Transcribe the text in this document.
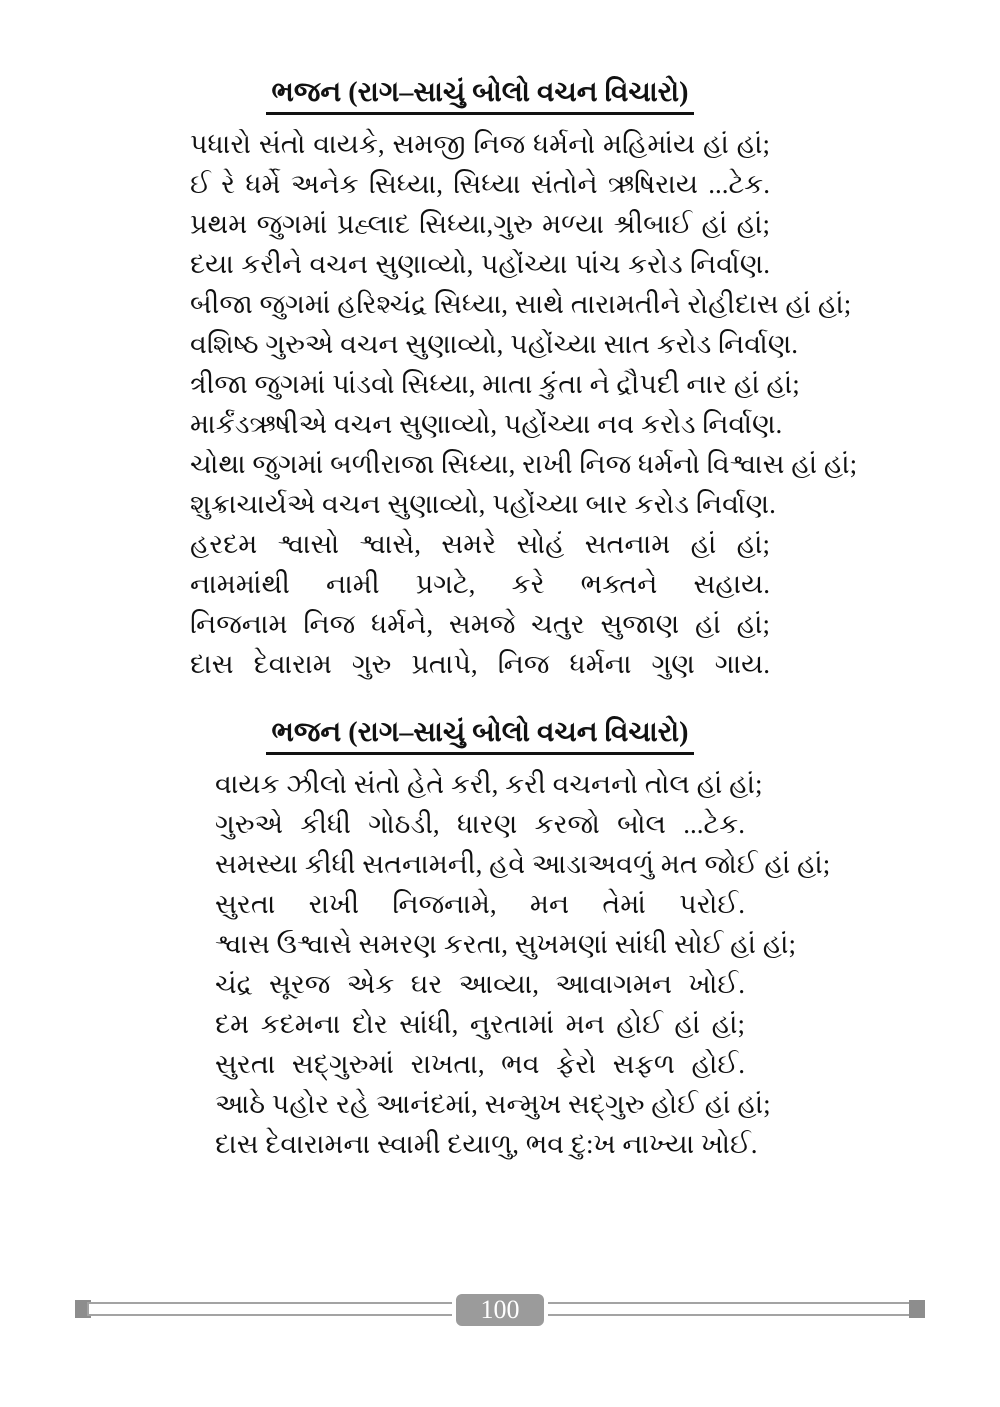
ભજન (રાગ–સાચું બોલો વચન વિચારો)
પધારો સંતો વાયકે, સમજી નિજ ધર્મનો મહિમાંય હાં હાં;
ઈ રે ધર્મે અનેક સિધ્યા, સિધ્યા સંતોને ઋષિરાય ...ટેક.
પ્રથમ જુગમાં પ્રહ્લાદ સિધ્યા,ગુરુ મળ્યા શ્રીબાઈ હાં હાં;
દયા કરીને વચન સુણાવ્યો, પહોંચ્યા પાંચ કરોડ નિર્વાણ.
બીજા જુગમાં હરિશ્ચંદ્ર સિધ્યા, સાથે તારામતીને રોહીદાસ હાં હાં;
વશિષ્ઠ ગુરુએ વચન સુણાવ્યો, પહોંચ્યા સાત કરોડ નિર્વાણ.
ત્રીજા જુગમાં પાંડવો સિધ્યા, માતા કુંતા ને દ્રૌપદી નાર હાં હાં;
માર્કંડઋષીએ વચન સુણાવ્યો, પહોંચ્યા નવ કરોડ નિર્વાણ.
ચોથા જુગમાં બળીરાજા સિધ્યા, રાખી નિજ ધર્મનો વિશ્વાસ હાં હાં;
શુક્રાચાર્યએ વચન સુણાવ્યો, પહોંચ્યા બાર કરોડ નિર્વાણ.
હરદમ શ્વાસો શ્વાસે, સમરે સોહં સતનામ હાં હાં;
નામમાંથી નામી પ્રગટે, કરે ભક્તને સહાય.
નિજનામ નિજ ધર્મને, સમજે ચતુર સુજાણ હાં હાં;
દાસ દેવારામ ગુરુ પ્રતાપે, નિજ ધર્મના ગુણ ગાય.
ભજન (રાગ–સાચું બોલો વચન વિચારો)
વાયક ઝીલો સંતો હેતે કરી, કરી વચનનો તોલ હાં હાં;
ગુરુએ કીધી ગોઠડી, ધારણ કરજો બોલ ...ટેક.
સમસ્યા કીધી સતનામની, હવે આડાઅવળું મત જોઈ હાં હાં;
સુરતા રાખી નિજનામે, મન તેમાં પરોઈ.
શ્વાસ ઉશ્વાસે સમરણ કરતા, સુખમણાં સાંધી સોઈ હાં હાં;
ચંદ્ર સૂરજ એક ઘર આવ્યા, આવાગમન ખોઈ.
દમ કદમના દોર સાંધી, નુરતામાં મન હોઈ હાં હાં;
સુરતા સદ્ગુરુમાં રાખતા, ભવ ફેરો સફળ હોઈ.
આઠે પહોર રહે આનંદમાં, સન્મુખ સદ્ગુરુ હોઈ હાં હાં;
દાસ દેવારામના સ્વામી દયાળુ, ભવ દુ:ખ નાખ્યા ખોઈ.
100
